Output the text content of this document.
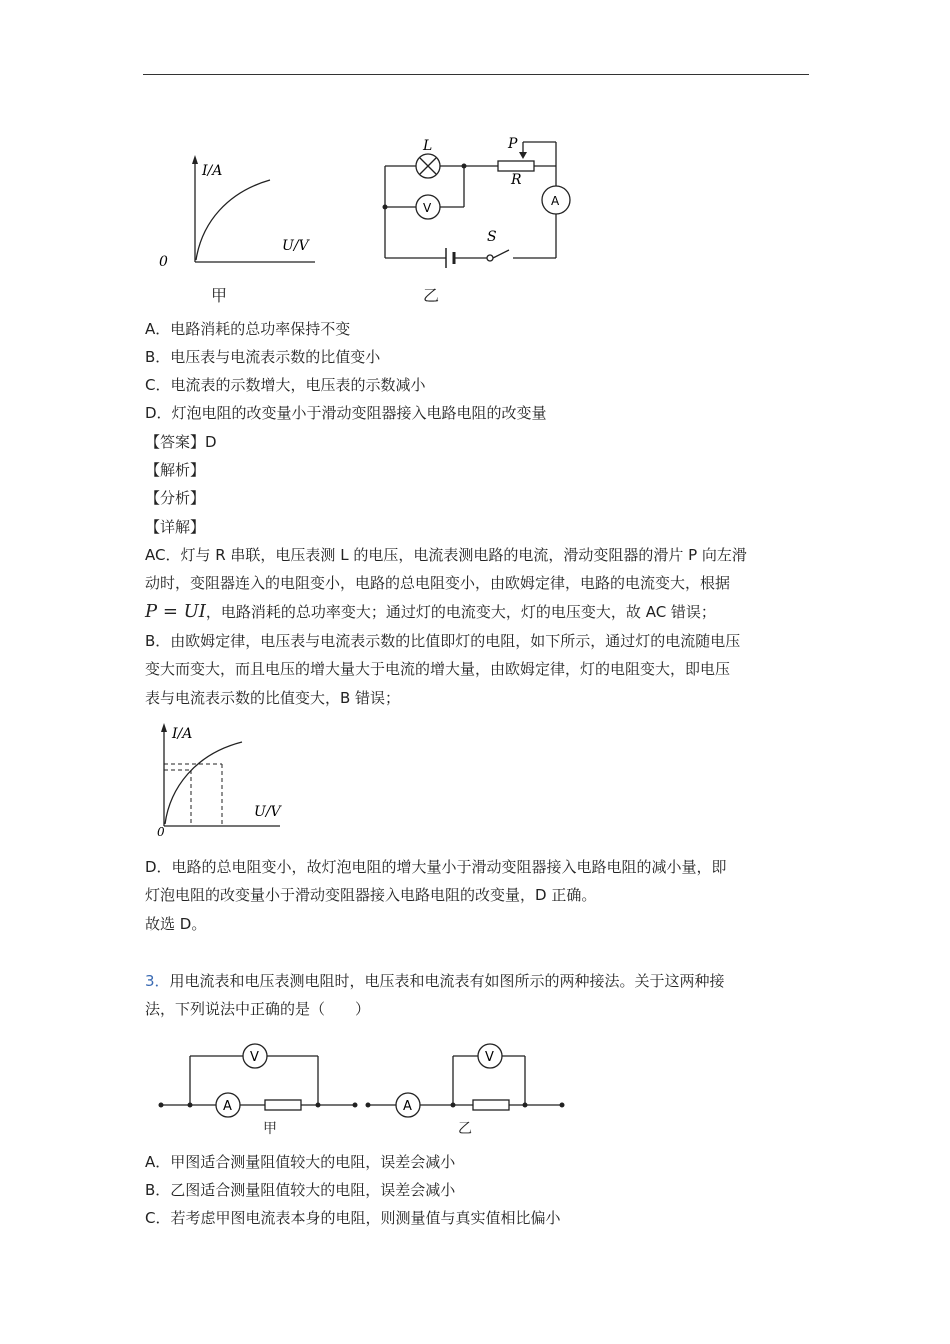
I/A
U/V
0
L
V	A
P
R
S
甲	乙
A．电路消耗的总功率保持不变
B．电压表与电流表示数的比值变小
C．电流表的示数增大，电压表的示数减小
D．灯泡电阻的改变量小于滑动变阻器接入电路电阻的改变量
【答案】D
【解析】
【分析】
【详解】
AC．灯与 R 串联，电压表测 L 的电压，电流表测电路的电流，滑动变阻器的滑片 P 向左滑
动时，变阻器连入的电阻变小，电路的总电阻变小，由欧姆定律，电路的电流变大，根据
P = UI，电路消耗的总功率变大；通过灯的电流变大，灯的电压变大，故 AC 错误；
B．由欧姆定律，电压表与电流表示数的比值即灯的电阻，如下所示，通过灯的电流随电压
变大而变大，而且电压的增大量大于电流的增大量，由欧姆定律，灯的电阻变大，即电压
表与电流表示数的比值变大，B 错误；
I/A
U/V
0
D．电路的总电阻变小，故灯泡电阻的增大量小于滑动变阻器接入电路电阻的减小量，即
灯泡电阻的改变量小于滑动变阻器接入电路电阻的改变量，D 正确。
故选 D。
3．用电流表和电压表测电阻时，电压表和电流表有如图所示的两种接法。关于这两种接
法，下列说法中正确的是（　　）
A
V
A
V
甲	乙
A．甲图适合测量阻值较大的电阻，误差会减小
B．乙图适合测量阻值较大的电阻，误差会减小
C．若考虑甲图电流表本身的电阻，则测量值与真实值相比偏小
